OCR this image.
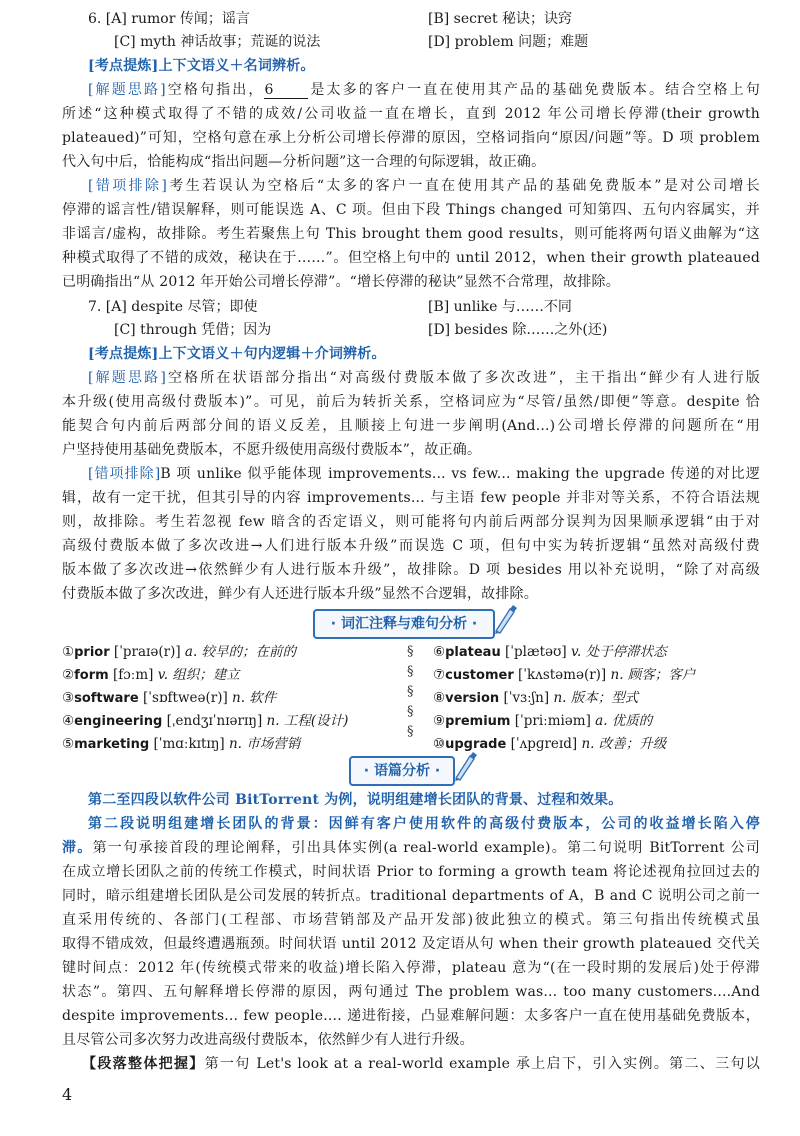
6. [A] rumor 传闻；谣言	[B] secret 秘诀；诀窍
[C] myth 神话故事；荒诞的说法	[D] problem 问题；难题
[考点提炼]上下文语义＋名词辨析。
[解题思路]空格句指出，6 是太多的客户一直在使用其产品的基础免费版本。结合空格上句
所述“这种模式取得了不错的成效/公司收益一直在增长，直到 2012 年公司增长停滞(their growth
plateaued)”可知，空格句意在承上分析公司增长停滞的原因，空格词指向“原因/问题”等。D 项 problem
代入句中后，恰能构成“指出问题—分析问题”这一合理的句际逻辑，故正确。
[错项排除]考生若误认为空格后“太多的客户一直在使用其产品的基础免费版本”是对公司增长
停滞的谣言性/错误解释，则可能误选 A、C 项。但由下段 Things changed 可知第四、五句内容属实，并
非谣言/虚构，故排除。考生若聚焦上句 This brought them good results，则可能将两句语义曲解为“这
种模式取得了不错的成效，秘诀在于……”。但空格上句中的 until 2012，when their growth plateaued
已明确指出“从 2012 年开始公司增长停滞”。“增长停滞的秘诀”显然不合常理，故排除。
7. [A] despite 尽管；即使	[B] unlike 与……不同
[C] through 凭借；因为	[D] besides 除……之外(还)
[考点提炼]上下文语义＋句内逻辑＋介词辨析。
[解题思路]空格所在状语部分指出“对高级付费版本做了多次改进”，主干指出“鲜少有人进行版
本升级(使用高级付费版本)”。可见，前后为转折关系，空格词应为“尽管/虽然/即便”等意。despite 恰
能契合句内前后两部分间的语义反差，且顺接上句进一步阐明(And...)公司增长停滞的问题所在“用
户坚持使用基础免费版本，不愿升级使用高级付费版本”，故正确。
[错项排除]B 项 unlike 似乎能体现 improvements... vs few... making the upgrade 传递的对比逻
辑，故有一定干扰，但其引导的内容 improvements... 与主语 few people 并非对等关系，不符合语法规
则，故排除。考生若忽视 few 暗含的否定语义，则可能将句内前后两部分误判为因果顺承逻辑“由于对
高级付费版本做了多次改进→人们进行版本升级”而误选 C 项，但句中实为转折逻辑“虽然对高级付费
版本做了多次改进→依然鲜少有人进行版本升级”，故排除。D 项 besides 用以补充说明，“除了对高级
付费版本做了多次改进，鲜少有人还进行版本升级”显然不合逻辑，故排除。
· 词汇注释与难句分析 ·
①prior [ˈpraɪə(r)] a. 较早的；在前的
②form [fɔːm] v. 组织；建立
③software [ˈsɒftweə(r)] n. 软件
④engineering [ˌendʒɪˈnɪərɪŋ] n. 工程(设计)
⑤marketing [ˈmɑːkɪtɪŋ] n. 市场营销
§
§
§
§
§
⑥plateau [ˈplætəʊ] v. 处于停滞状态
⑦customer [ˈkʌstəmə(r)] n. 顾客；客户
⑧version [ˈvɜːʃn] n. 版本；型式
⑨premium [ˈpriːmiəm] a. 优质的
⑩upgrade [ˈʌpɡreɪd] n. 改善；升级
· 语篇分析 ·
第二至四段以软件公司 BitTorrent 为例，说明组建增长团队的背景、过程和效果。
第二段说明组建增长团队的背景：因鲜有客户使用软件的高级付费版本，公司的收益增长陷入停
滞。第一句承接首段的理论阐释，引出具体实例(a real-world example)。第二句说明 BitTorrent 公司
在成立增长团队之前的传统工作模式，时间状语 Prior to forming a growth team 将论述视角拉回过去的
同时，暗示组建增长团队是公司发展的转折点。traditional departments of A，B and C 说明公司之前一
直采用传统的、各部门(工程部、市场营销部及产品开发部)彼此独立的模式。第三句指出传统模式虽
取得不错成效，但最终遭遇瓶颈。时间状语 until 2012 及定语从句 when their growth plateaued 交代关
键时间点：2012 年(传统模式带来的收益)增长陷入停滞，plateau 意为“(在一段时期的发展后)处于停滞
状态”。第四、五句解释增长停滞的原因，两句通过 The problem was... too many customers....And
despite improvements... few people.... 递进衔接，凸显难解问题：太多客户一直在使用基础免费版本，
且尽管公司多次努力改进高级付费版本，依然鲜少有人进行升级。
【段落整体把握】第一句 Let's look at a real-world example 承上启下，引入实例。第二、三句以
4
